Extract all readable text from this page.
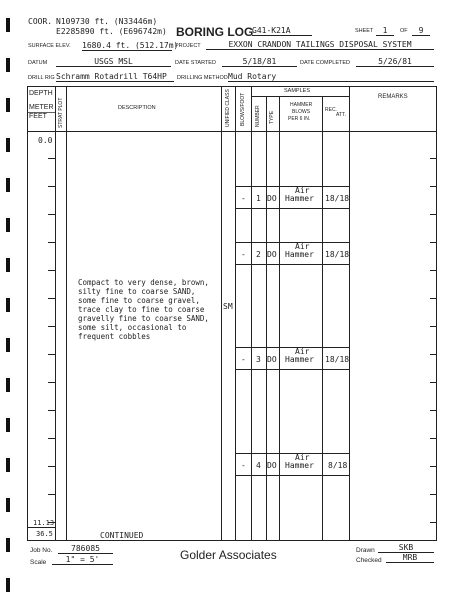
COOR. N109730 ft. (N33446m)
E2285890 ft. (E696742m) BORING LOG
G41-K21A	SHEET	1	OF	9
SURFACE ELEV. 1680.4 ft. (512.17m)
PROJECT	EXXON CRANDON TAILINGS DISPOSAL SYSTEM
DATUM	USGS MSL	DATE STARTED	5/18/81	DATE COMPLETED	5/26/81
DRILL RIG Schramm Rotadrill T64HP	DRILLING METHOD Mud Rotary
DEPTH
METER
FEET STRAT PLOT	DESCRIPTION	UNIFIED CLASS BLOWS/FOOT
SAMPLES
NUMBER TYPE
HAMMER
BLOWS
PER 6 IN.
REC.
ATT.
REMARKS
0.0
Compact to very dense, brown,
silty fine to coarse SAND,
some fine to coarse gravel,
trace clay to fine to coarse
gravelly fine to coarse SAND,
some silt, occasional to
frequent cobbles
SM
- 1 DO
Air
Hammer 18/18
- 2 DO
Air
Hammer 18/18
- 3 DO
Air
Hammer 18/18
- 4 DO
Air
Hammer 8/18
11.13
36.5	CONTINUED
Job No.	786085
Scale	1" = 5'	Golder Associates	Drawn	SKB
Checked	MRB
